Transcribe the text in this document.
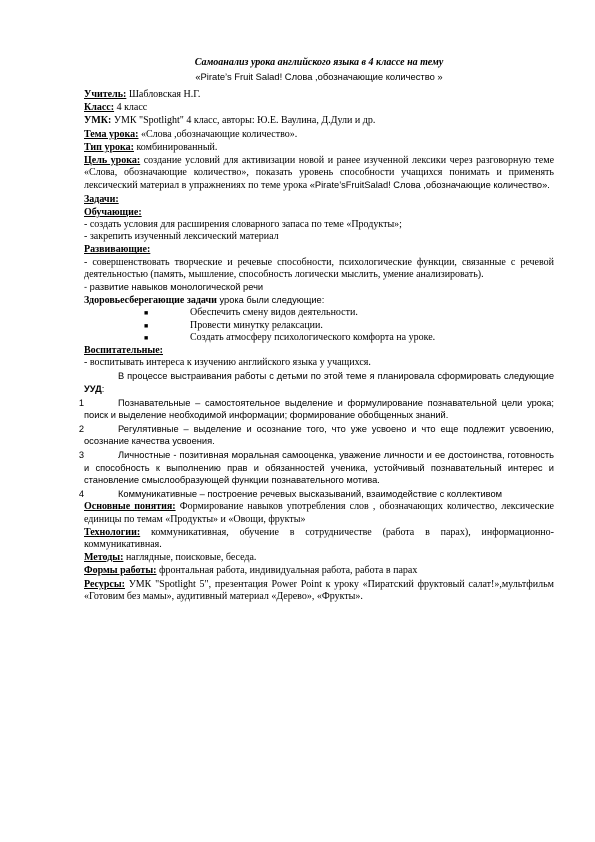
Самоанализ урока английского языка в 4 классе на тему

«Pirate’s Fruit Salad! Слова ,обозначающие количество »

Учитель: Шабловская Н.Г.

Класс: 4 класс

УМК: УМК "Spotlight" 4 класс, авторы: Ю.Е. Ваулина, Д.Дули и др.

Тема урока: «Слова ,обозначающие количество».

Тип урока: комбинированный.

Цель урока: создание условий для активизации новой и ранее изученной лексики через разговорную теме «Слова, обозначающие количество», показать уровень способности учащихся понимать и применять лексический материал в упражнениях по теме урока «Pirate’sFruitSalad! Слова ,обозначающие количество».

Задачи:

Обучающие:

- создать условия для расширения словарного запаса по теме «Продукты»;

- закрепить изученный лексический материал

Развивающие:

- совершенствовать творческие и речевые способности, психологические функции, связанные с речевой деятельностью (память, мышление, способность логически мыслить, умение анализировать).

- развитие навыков монологической речи

Здоровьесберегающие задачи урока были следующие:

■	Обеспечить смену видов деятельности.
■	Провести минутку релаксации.
■	Создать атмосферу психологического комфорта на уроке.

Воспитательные:

- воспитывать интереса к изучению английского языка у учащихся.

В процессе выстраивания работы с детьми по этой теме я планировала сформировать следующие УУД:

1	Познавательные – самостоятельное выделение и формулирование познавательной цели урока; поиск и выделение необходимой информации; формирование обобщенных знаний.

2	Регулятивные – выделение и осознание того, что уже усвоено и что еще подлежит усвоению, осознание качества усвоения.

3	Личностные - позитивная моральная самооценка, уважение личности и ее достоинства, готовность и способность к выполнению прав и обязанностей ученика, устойчивый познавательный интерес и становление смыслообразующей функции познавательного мотива.

4	Коммуникативные – построение речевых высказываний, взаимодействие с коллективом

Основные понятия: Формирование навыков употребления слов , обозначающих количество, лексические единицы по темам «Продукты» и «Овощи, фрукты»

Технологии: коммуникативная, обучение в сотрудничестве (работа в парах), информационно-коммуникативная.

Методы: наглядные, поисковые, беседа.

Формы работы: фронтальная работа, индивидуальная работа, работа в парах

Ресурсы: УМК "Spotlight 5", презентация Power Point к уроку «Пиратский фруктовый салат!»,мультфильм «Готовим без мамы», аудитивный материал «Дерево», «Фрукты».
